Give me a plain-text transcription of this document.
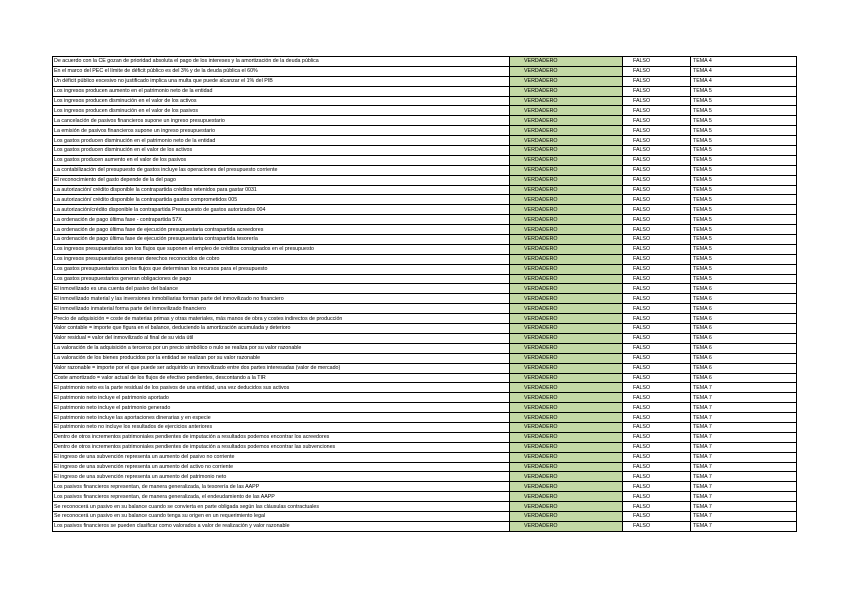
De acuerdo con la CE gozan de prioridad absoluta el pago de los intereses y la amortización de la deuda pública	VERDADERO	FALSO	TEMA 4
En el marco del PEC el límite de déficit público es del 3% y de la deuda pública el 60%	VERDADERO	FALSO	TEMA 4
Un déficit público excesivo no justificado implica una multa que puede alcanzar el 1% del PIB	VERDADERO	FALSO	TEMA 4
Los ingresos producen aumento en el patrimonio neto de la entidad	VERDADERO	FALSO	TEMA 5
Los ingresos producen disminución en el valor de los activos	VERDADERO	FALSO	TEMA 5
Los ingresos producen disminución en el valor de los pasivos	VERDADERO	FALSO	TEMA 5
La cancelación de pasivos financieros supone un ingreso presupuestario	VERDADERO	FALSO	TEMA 5
La emisión de pasivos financieros supone un ingreso presupuestario	VERDADERO	FALSO	TEMA 5
Los gastos producen disminución en el patrimonio neto de la entidad	VERDADERO	FALSO	TEMA 5
Los gastos producen disminución en el valor de los activos	VERDADERO	FALSO	TEMA 5
Los gastos producen aumento en el valor de los pasivos	VERDADERO	FALSO	TEMA 5
La contabilización del presupuesto de gastos incluye las operaciones del presupuesto corriente	VERDADERO	FALSO	TEMA 5
El reconocimiento del gasto depende de la del pago	VERDADERO	FALSO	TEMA 5
La autorización/ crédito disponible la contrapartida créditos retenidos para gastar 0031	VERDADERO	FALSO	TEMA 5
La autorización/ crédito disponible la contrapartida gastos comprometidos 005	VERDADERO	FALSO	TEMA 5
La autorización/crédito disponible la contrapartida Presupuesto de gastos autorizados 004	VERDADERO	FALSO	TEMA 5
La ordenación de pago última fase - contrapartida 57X	VERDADERO	FALSO	TEMA 5
La ordenación de pago última fase de ejecución presupuestaria contrapartida acreedores	VERDADERO	FALSO	TEMA 5
La ordenación de pago última fase de ejecución presupuestaria contrapartida tesorería	VERDADERO	FALSO	TEMA 5
Los ingresos presupuestarios son los flujos que suponen el empleo de créditos consignados en el presupuesto	VERDADERO	FALSO	TEMA 5
Los ingresos presupuestarios generan derechos reconocidos de cobro	VERDADERO	FALSO	TEMA 5
Los gastos presupuestarios son los flujos que determinan los recursos para el presupuesto	VERDADERO	FALSO	TEMA 5
Los gastos presupuestarios generan obligaciones de pago	VERDADERO	FALSO	TEMA 5
El inmovilizado es una cuenta del pasivo del balance	VERDADERO	FALSO	TEMA 6
El inmovilizado material y las inversiones inmobiliarias forman parte del inmovilizado no financiero	VERDADERO	FALSO	TEMA 6
El inmovilizado inmaterial forma parte del inmovilizado financiero	VERDADERO	FALSO	TEMA 6
Precio de adquisición = coste de materias primas y otras materiales, más manos de obra y costes indirectos de producción	VERDADERO	FALSO	TEMA 6
Valor contable = importe que figura en el balance, deduciendo la amortización acumulada y deterioro	VERDADERO	FALSO	TEMA 6
Valor residual = valor del inmovilizado al final de su vida útil	VERDADERO	FALSO	TEMA 6
La valoración de la adquisición a terceros por un precio simbólico o nulo se realiza por su valor razonable	VERDADERO	FALSO	TEMA 6
La valoración de los bienes producidos por la entidad se realizan por su valor razonable	VERDADERO	FALSO	TEMA 6
Valor razonable = importe por el que puede ser adquirido un inmovilizado entre dos partes interesadas (valor de mercado)	VERDADERO	FALSO	TEMA 6
Coste amortizado = valor actual de los flujos de efectivo pendientes, descontando a la TIR	VERDADERO	FALSO	TEMA 6
El patrimonio neto es la parte residual de los pasivos de una entidad, una vez deducidos sus activos	VERDADERO	FALSO	TEMA 7
El patrimonio neto incluye el patrimonio aportado	VERDADERO	FALSO	TEMA 7
El patrimonio neto incluye el patrimonio generado	VERDADERO	FALSO	TEMA 7
El patrimonio neto incluye las aportaciones dinerarias y en especie	VERDADERO	FALSO	TEMA 7
El patrimonio neto no incluye los resultados de ejercicios anteriores	VERDADERO	FALSO	TEMA 7
Dentro de otros incrementos patrimoniales pendientes de imputación a resultados podemos encontrar los acreedores	VERDADERO	FALSO	TEMA 7
Dentro de otros incrementos patrimoniales pendientes de imputación a resultados podemos encontrar las subvenciones	VERDADERO	FALSO	TEMA 7
El ingreso de una subvención representa un aumento del pasivo no corriente	VERDADERO	FALSO	TEMA 7
El ingreso de una subvención representa un aumento del activo no corriente	VERDADERO	FALSO	TEMA 7
El ingreso de una subvención representa un aumento del patrimonio neto	VERDADERO	FALSO	TEMA 7
Los pasivos financieros representan, de manera generalizada, la tesorería de las AAPP	VERDADERO	FALSO	TEMA 7
Los pasivos financieros representan, de manera generalizada, el endeudamiento de las AAPP	VERDADERO	FALSO	TEMA 7
Se reconocerá un pasivo en su balance cuando se convierta en parte obligada según las cláusulas contractuales	VERDADERO	FALSO	TEMA 7
Se reconocerá un pasivo en su balance cuando tenga su origen en un requerimiento legal	VERDADERO	FALSO	TEMA 7
Los pasivos financieros se pueden clasificar como valorados a valor de realización y valor razonable	VERDADERO	FALSO	TEMA 7
